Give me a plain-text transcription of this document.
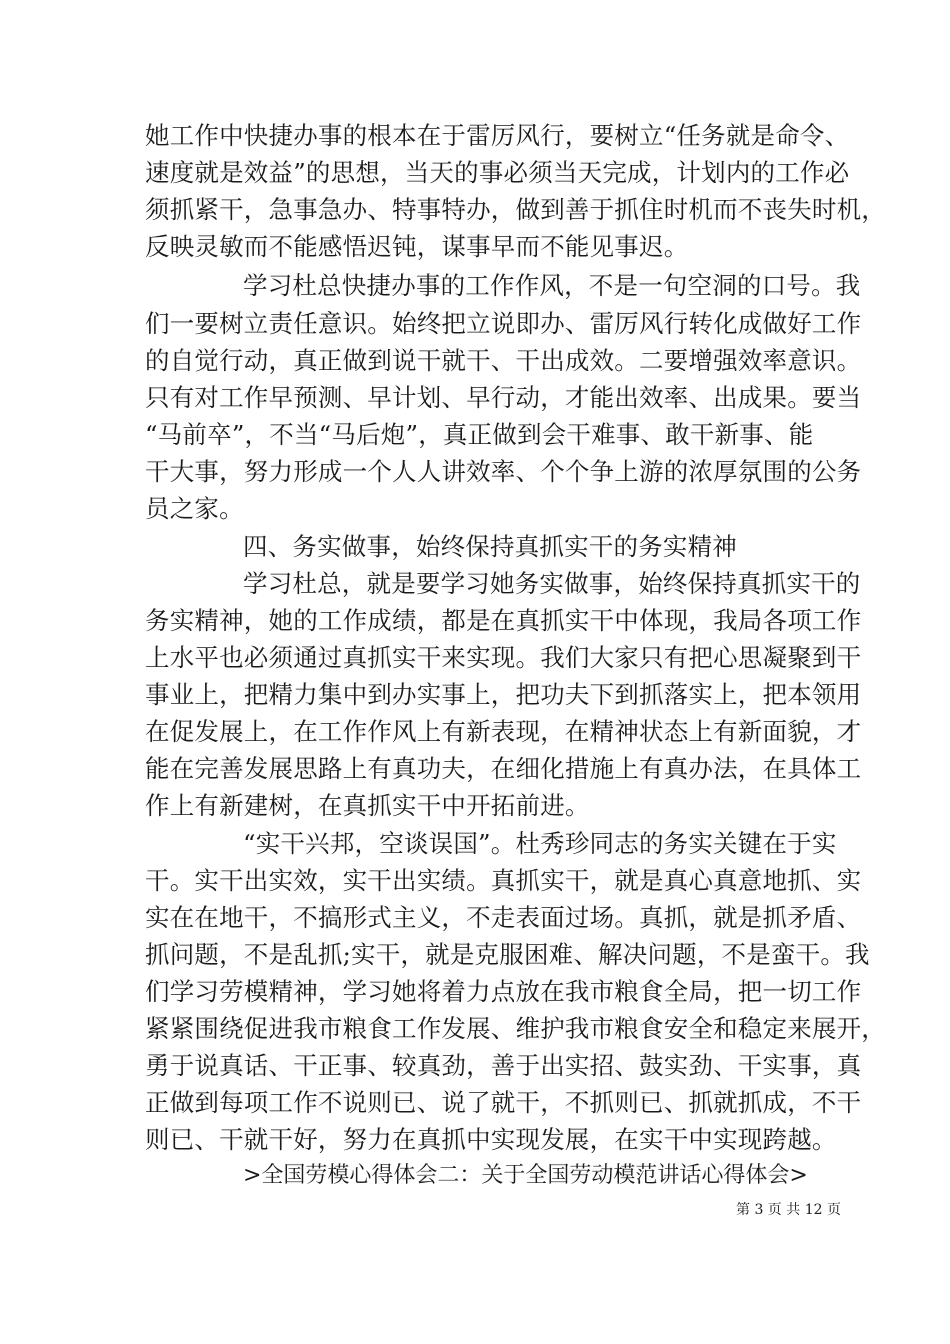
她工作中快捷办事的根本在于雷厉风行，要树立“任务就是命令、
速度就是效益”的思想，当天的事必须当天完成，计划内的工作必
须抓紧干，急事急办、特事特办，做到善于抓住时机而不丧失时机，
反映灵敏而不能感悟迟钝，谋事早而不能见事迟。
学习杜总快捷办事的工作作风，不是一句空洞的口号。我
们一要树立责任意识。始终把立说即办、雷厉风行转化成做好工作
的自觉行动，真正做到说干就干、干出成效。二要增强效率意识。
只有对工作早预测、早计划、早行动，才能出效率、出成果。要当
“马前卒”，不当“马后炮”，真正做到会干难事、敢干新事、能
干大事，努力形成一个人人讲效率、个个争上游的浓厚氛围的公务
员之家。
四、务实做事，始终保持真抓实干的务实精神
学习杜总，就是要学习她务实做事，始终保持真抓实干的
务实精神，她的工作成绩，都是在真抓实干中体现，我局各项工作
上水平也必须通过真抓实干来实现。我们大家只有把心思凝聚到干
事业上，把精力集中到办实事上，把功夫下到抓落实上，把本领用
在促发展上，在工作作风上有新表现，在精神状态上有新面貌，才
能在完善发展思路上有真功夫，在细化措施上有真办法，在具体工
作上有新建树，在真抓实干中开拓前进。
“实干兴邦，空谈误国”。杜秀珍同志的务实关键在于实
干。实干出实效，实干出实绩。真抓实干，就是真心真意地抓、实
实在在地干，不搞形式主义，不走表面过场。真抓，就是抓矛盾、
抓问题，不是乱抓;实干，就是克服困难、解决问题，不是蛮干。我
们学习劳模精神，学习她将着力点放在我市粮食全局，把一切工作
紧紧围绕促进我市粮食工作发展、维护我市粮食安全和稳定来展开，
勇于说真话、干正事、较真劲，善于出实招、鼓实劲、干实事，真
正做到每项工作不说则已、说了就干，不抓则已、抓就抓成，不干
则已、干就干好，努力在真抓中实现发展，在实干中实现跨越。
>全国劳模心得体会二：关于全国劳动模范讲话心得体会>
第 3 页 共 12 页
